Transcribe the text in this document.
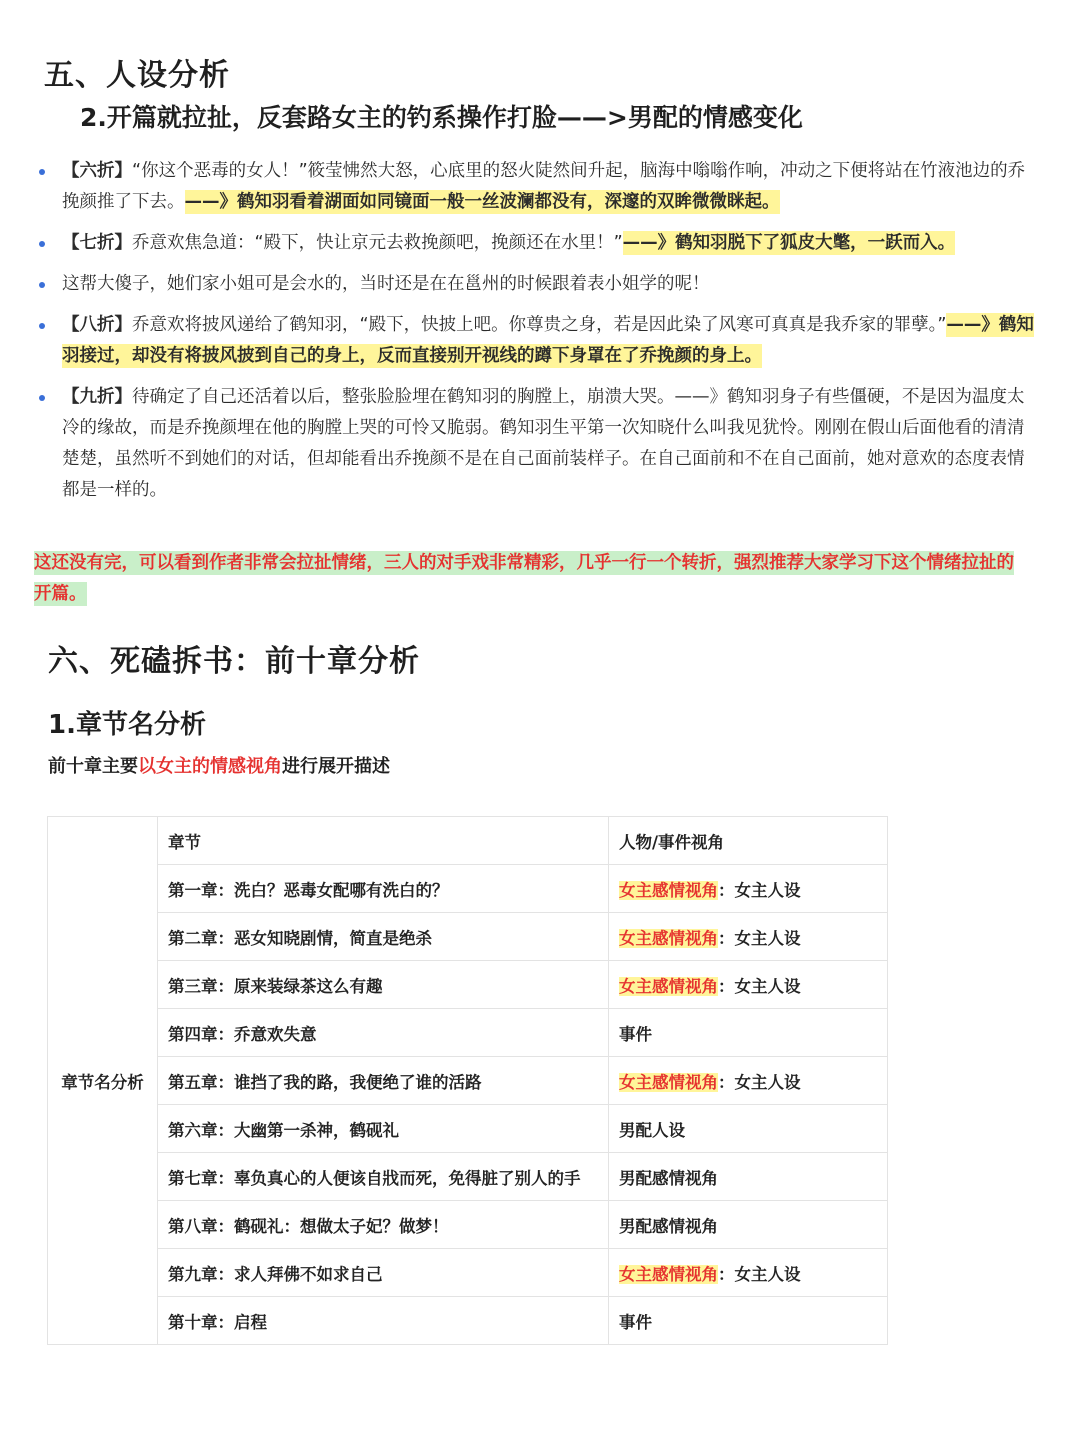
五、人设分析
2.开篇就拉扯，反套路女主的钓系操作打脸——>男配的情感变化
【六折】“你这个恶毒的女人！”筱莹怫然大怒，心底里的怒火陡然间升起，脑海中嗡嗡作响，冲动之下便将站在竹液池边的乔挽颜推了下去。——》鹤知羽看着湖面如同镜面一般一丝波澜都没有，深邃的双眸微微眯起。
【七折】乔意欢焦急道：“殿下，快让京元去救挽颜吧，挽颜还在水里！”——》鹤知羽脱下了狐皮大氅，一跃而入。
这帮大傻子，她们家小姐可是会水的，当时还是在在邕州的时候跟着表小姐学的呢！
【八折】乔意欢将披风递给了鹤知羽，“殿下，快披上吧。你尊贵之身，若是因此染了风寒可真真是我乔家的罪孽。”——》鹤知羽接过，却没有将披风披到自己的身上，反而直接别开视线的蹲下身罩在了乔挽颜的身上。
【九折】待确定了自己还活着以后，整张脸脸埋在鹤知羽的胸膛上，崩溃大哭。——》鹤知羽身子有些僵硬，不是因为温度太冷的缘故，而是乔挽颜埋在他的胸膛上哭的可怜又脆弱。鹤知羽生平第一次知晓什么叫我见犹怜。刚刚在假山后面他看的清清楚楚，虽然听不到她们的对话，但却能看出乔挽颜不是在自己面前装样子。在自己面前和不在自己面前，她对意欢的态度表情都是一样的。
这还没有完，可以看到作者非常会拉扯情绪，三人的对手戏非常精彩，几乎一行一个转折，强烈推荐大家学习下这个情绪拉扯的开篇。
六、死磕拆书：前十章分析
1.章节名分析

前十章主要以女主的情感视角进行展开描述

章节名分析	章节	人物/事件视角
	第一章：洗白？恶毒女配哪有洗白的？	女主感情视角：女主人设
	第二章：恶女知晓剧情，简直是绝杀	女主感情视角：女主人设
	第三章：原来装绿茶这么有趣	女主感情视角：女主人设
	第四章：乔意欢失意	事件
	第五章：谁挡了我的路，我便绝了谁的活路	女主感情视角：女主人设
	第六章：大幽第一杀神，鹤砚礼	男配人设
	第七章：辜负真心的人便该自戕而死，免得脏了别人的手	男配感情视角
	第八章：鹤砚礼：想做太子妃？做梦！	男配感情视角
	第九章：求人拜佛不如求自己	女主感情视角：女主人设
	第十章：启程	事件
